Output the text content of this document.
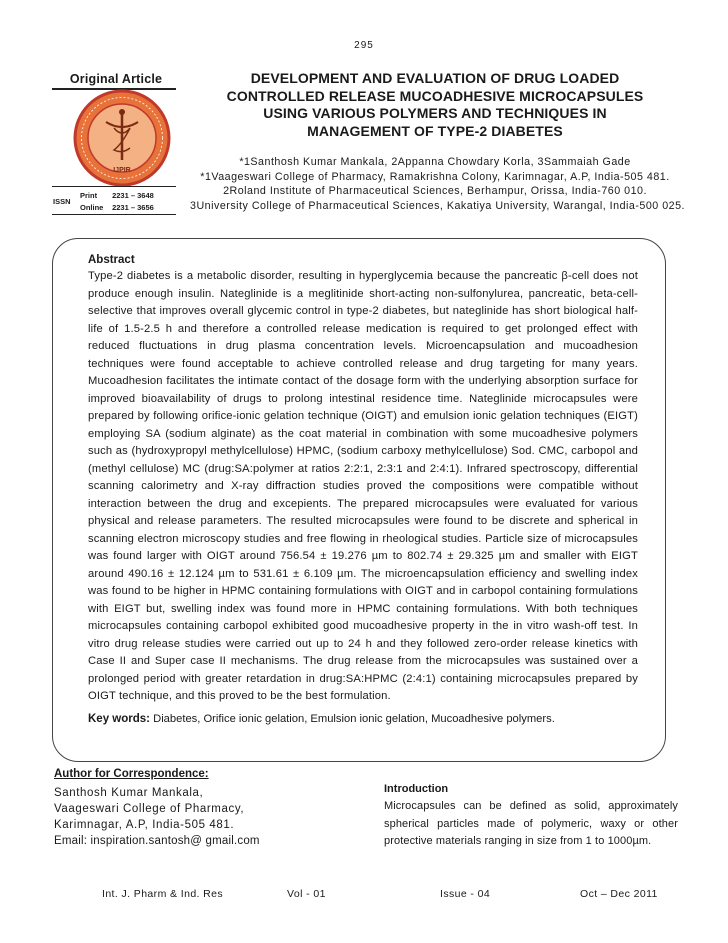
295
Original Article
IJPIR
ISSN
Print 2231 – 3648
Online 2231 – 3656
DEVELOPMENT AND EVALUATION OF DRUG LOADED
CONTROLLED RELEASE MUCOADHESIVE MICROCAPSULES
USING VARIOUS POLYMERS AND TECHNIQUES IN
MANAGEMENT OF TYPE-2 DIABETES
*1Santhosh Kumar Mankala, 2Appanna Chowdary Korla, 3Sammaiah Gade
*1Vaageswari College of Pharmacy, Ramakrishna Colony, Karimnagar, A.P, India-505 481.
2Roland Institute of Pharmaceutical Sciences, Berhampur, Orissa, India-760 010.
3University College of Pharmaceutical Sciences, Kakatiya University, Warangal, India-500 025.
Abstract
Type-2 diabetes is a metabolic disorder, resulting in hyperglycemia because the pancreatic β-cell does not produce enough insulin. Nateglinide is a meglitinide short-acting non-sulfonylurea, pancreatic, beta-cell-selective that improves overall glycemic control in type-2 diabetes, but nateglinide has short biological half-life of 1.5-2.5 h and therefore a controlled release medication is required to get prolonged effect with reduced fluctuations in drug plasma concentration levels. Microencapsulation and mucoadhesion techniques were found acceptable to achieve controlled release and drug targeting for many years. Mucoadhesion facilitates the intimate contact of the dosage form with the underlying absorption surface for improved bioavailability of drugs to prolong intestinal residence time. Nateglinide microcapsules were prepared by following orifice-ionic gelation technique (OIGT) and emulsion ionic gelation techniques (EIGT) employing SA (sodium alginate) as the coat material in combination with some mucoadhesive polymers such as (hydroxypropyl methylcellulose) HPMC, (sodium carboxy methylcellulose) Sod. CMC, carbopol and (methyl cellulose) MC (drug:SA:polymer at ratios 2:2:1, 2:3:1 and 2:4:1). Infrared spectroscopy, differential scanning calorimetry and X-ray diffraction studies proved the compositions were compatible without interaction between the drug and excepients. The prepared microcapsules were evaluated for various physical and release parameters. The resulted microcapsules were found to be discrete and spherical in scanning electron microscopy studies and free flowing in rheological studies. Particle size of microcapsules was found larger with OIGT around 756.54 ± 19.276 µm to 802.74 ± 29.325 µm and smaller with EIGT around 490.16 ± 12.124 µm to 531.61 ± 6.109 µm. The microencapsulation efficiency and swelling index was found to be higher in HPMC containing formulations with OIGT and in carbopol containing formulations with EIGT but, swelling index was found more in HPMC containing formulations. With both techniques microcapsules containing carbopol exhibited good mucoadhesive property in the in vitro wash-off test. In vitro drug release studies were carried out up to 24 h and they followed zero-order release kinetics with Case II and Super case II mechanisms. The drug release from the microcapsules was sustained over a prolonged period with greater retardation in drug:SA:HPMC (2:4:1) containing microcapsules prepared by OIGT technique, and this proved to be the best formulation.
Key words: Diabetes, Orifice ionic gelation, Emulsion ionic gelation, Mucoadhesive polymers.
Author for Correspondence:
Santhosh Kumar Mankala,
Vaageswari College of Pharmacy,
Karimnagar, A.P, India-505 481.
Email: inspiration.santosh@ gmail.com
Introduction
Microcapsules can be defined as solid, approximately spherical particles made of polymeric, waxy or other protective materials ranging in size from 1 to 1000µm.
Int. J. Pharm & Ind. Res	Vol - 01	Issue - 04	Oct – Dec 2011
